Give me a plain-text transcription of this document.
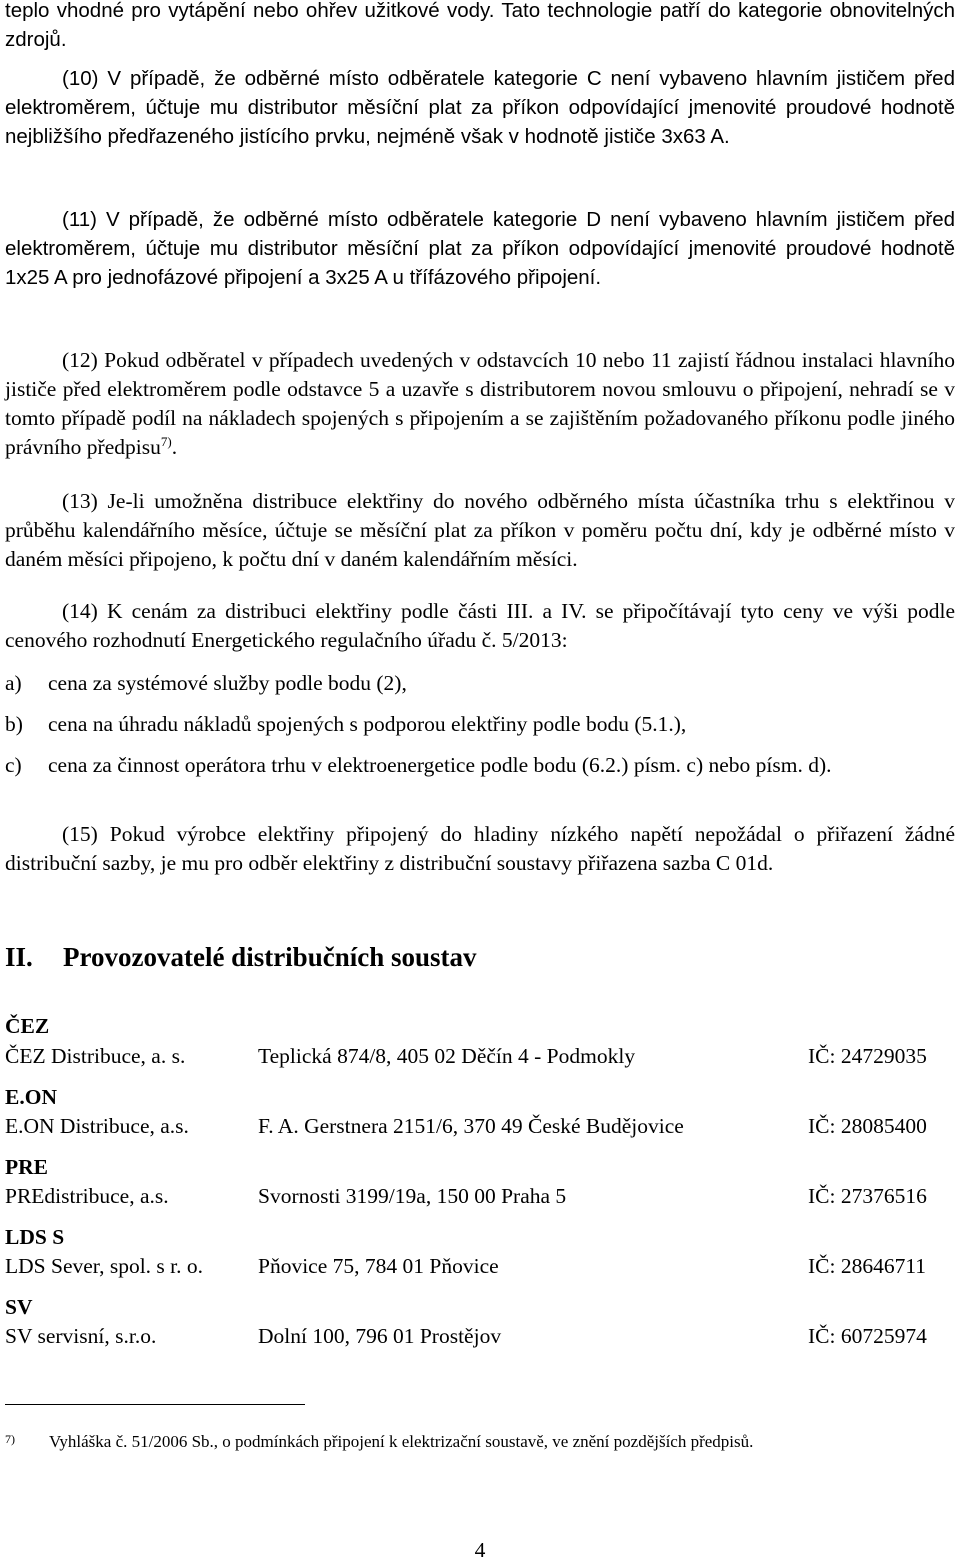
teplo vhodné pro vytápění nebo ohřev užitkové vody. Tato technologie patří do kategorie obnovitelných zdrojů.

(10) V případě, že odběrné místo odběratele kategorie C není vybaveno hlavním jističem před elektroměrem, účtuje mu distributor měsíční plat za příkon odpovídající jmenovité proudové hodnotě nejbližšího předřazeného jistícího prvku, nejméně však v hodnotě jističe 3x63 A.

(11) V případě, že odběrné místo odběratele kategorie D není vybaveno hlavním jističem před elektroměrem, účtuje mu distributor měsíční plat za příkon odpovídající jmenovité proudové hodnotě 1x25 A pro jednofázové připojení a 3x25 A u třífázového připojení.

(12) Pokud odběratel v případech uvedených v odstavcích 10 nebo 11 zajistí řádnou instalaci hlavního jističe před elektroměrem podle odstavce 5 a uzavře s distributorem novou smlouvu o připojení, nehradí se v tomto případě podíl na nákladech spojených s připojením a se zajištěním požadovaného příkonu podle jiného právního předpisu$^{7)}$.

(13) Je-li umožněna distribuce elektřiny do nového odběrného místa účastníka trhu s elektřinou v průběhu kalendářního měsíce, účtuje se měsíční plat za příkon v poměru počtu dní, kdy je odběrné místo v daném měsíci připojeno, k počtu dní v daném kalendářním měsíci.

(14) K cenám za distribuci elektřiny podle části III. a IV. se připočítávají tyto ceny ve výši podle cenového rozhodnutí Energetického regulačního úřadu č. 5/2013:

a) cena za systémové služby podle bodu (2),
b) cena na úhradu nákladů spojených s podporou elektřiny podle bodu (5.1.),
c) cena za činnost operátora trhu v elektroenergetice podle bodu (6.2.) písm. c) nebo písm. d).

(15) Pokud výrobce elektřiny připojený do hladiny nízkého napětí nepožádal o přiřazení žádné distribuční sazby, je mu pro odběr elektřiny z distribuční soustavy přiřazena sazba C 01d.

II. Provozovatelé distribučních soustav
ČEZ
ČEZ Distribuce, a. s.	Teplická 874/8, 405 02 Děčín 4 - Podmokly	IČ: 24729035
E.ON
E.ON Distribuce, a.s.	F. A. Gerstnera 2151/6, 370 49 České Budějovice	IČ: 28085400
PRE
PREdistribuce, a.s.	Svornosti 3199/19a, 150 00 Praha 5	IČ: 27376516
LDS S
LDS Sever, spol. s r. o.	Pňovice 75, 784 01 Pňovice	IČ: 28646711
SV
SV servisní, s.r.o.	Dolní 100, 796 01 Prostějov	IČ: 60725974
$^{7)}$ Vyhláška č. 51/2006 Sb., o podmínkách připojení k elektrizační soustavě, ve znění pozdějších předpisů.
4
